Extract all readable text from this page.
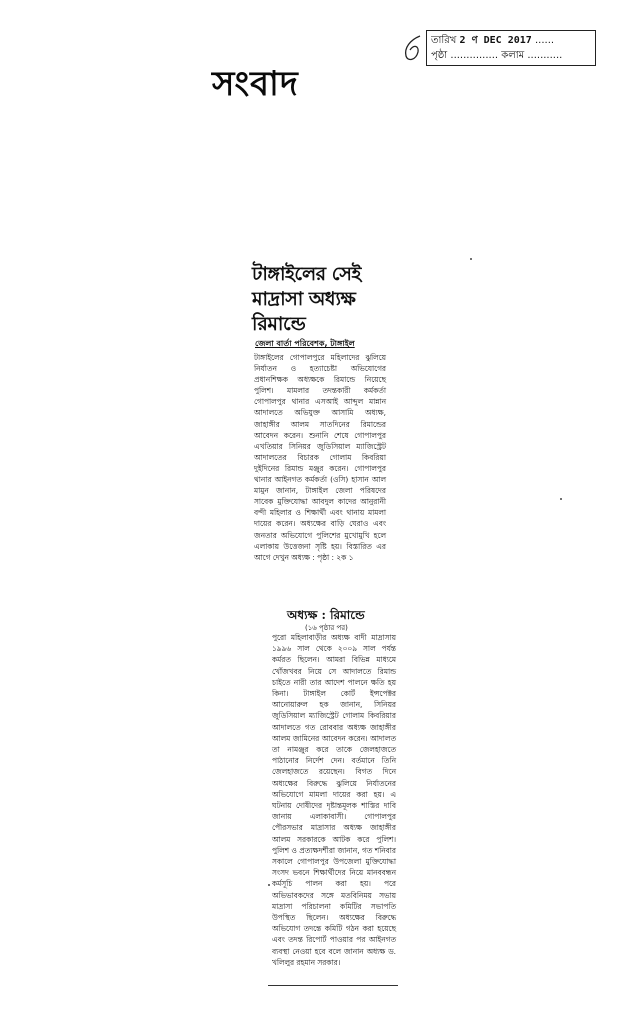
সংবাদ
তারিখ 2 ণ DEC 2017 ......
পৃষ্ঠা ............... কলাম ...........
টাঙ্গাইলের সেই মাদ্রাসা অধ্যক্ষ রিমান্ডে
জেলা বার্তা পরিবেশক, টাঙ্গাইল
টাঙ্গাইলের গোপালপুরে মহিলাদের ঝুলিয়ে নির্যাতন ও হত্যাচেষ্টা অভিযোগের প্রধানশিক্ষক অধ্যক্ষকে রিমান্ডে নিয়েছে পুলিশ। মামলার তদন্তকারী কর্মকর্তা গোপালপুর থানার এসআই আব্দুল মান্নান আদালতে অভিযুক্ত আসামি অধ্যক্ষ, জাহাঙ্গীর আলম সাতদিনের রিমান্ডের আবেদন করেন। শুনানি শেষে গোপালপুর এখতিয়ার সিনিয়র জুডিসিয়াল ম্যাজিস্ট্রেট আদালতের বিচারক গোলাম কিবরিয়া দুইদিনের রিমান্ড মঞ্জুর করেন। গোপালপুর থানার আইনগত কর্মকর্তা (ওসি) হাসান আল মামুন জানান, টাঙ্গাইল জেলা পরিষদের সাবেক মুক্তিযোদ্ধা আবদুল কাদের আনুরানী বন্দী মহিলার ও শিক্ষার্থী এবং থানায় মামলা দায়ের করেন। অধ্যক্ষের বাড়ি ঘেরাও এবং জনতার অভিযোগে পুলিশের মুখোমুখি হলে এলাকায় উত্তেজনা সৃষ্টি হয়। বিস্তারিত এর আগে দেখুন অধ্যক্ষ : পৃষ্ঠা : ২ক ১
অধ্যক্ষ : রিমান্ডে
(১৬ পৃষ্ঠার পর)
পুরো মহিলাবাড়ীর অধ্যক্ষ বাদী মাদ্রাসায় ১৯৯৬ সাল থেকে ২০০৯ সাল পর্যন্ত কর্মরত ছিলেন। আমরা বিভিন্ন মাধ্যমে খোঁজখবর নিয়ে সে আদালতে রিমান্ড চাইতে নারী তার আদেশ পালনে ক্ষতি হয় কিনা। টাঙ্গাইল কোর্ট ইন্সপেক্টর আনোয়ারুল হক জানান, সিনিয়র জুডিসিয়াল ম্যাজিস্ট্রেট গোলাম কিবরিয়ার আদালতে গত রোববার অধ্যক্ষ জাহাঙ্গীর আলম জামিনের আবেদন করেন। আদালত তা নামঞ্জুর করে তাকে জেলহাজতে পাঠানোর নির্দেশ দেন। বর্তমানে তিনি জেলহাজতে রয়েছেন। বিগত দিনে অধ্যক্ষের বিরুদ্ধে ঝুলিয়ে নির্যাতনের অভিযোগে মামলা দায়ের করা হয়। এ ঘটনায় দোষীদের দৃষ্টান্তমূলক শাস্তির দাবি জানায় এলাকাবাসী। গোপালপুর পৌরসভার মাদ্রাসার অধ্যক্ষ জাহাঙ্গীর আলম সরকারকে আটক করে পুলিশ। পুলিশ ও প্রত্যক্ষদর্শীরা জানান, গত শনিবার সকালে গোপালপুর উপজেলা মুক্তিযোদ্ধা সংসদ ভবনে শিক্ষার্থীদের নিয়ে মানববন্ধন কর্মসূচি পালন করা হয়। পরে অভিভাবকদের সঙ্গে মতবিনিময় সভায় মাদ্রাসা পরিচালনা কমিটির সভাপতি উপস্থিত ছিলেন। অধ্যক্ষের বিরুদ্ধে অভিযোগ তদন্তে কমিটি গঠন করা হয়েছে এবং তদন্ত রিপোর্ট পাওয়ার পর আইনগত ব্যবস্থা নেওয়া হবে বলে জানান অধ্যক্ষ ড. খলিলুর রহমান সরকার।
